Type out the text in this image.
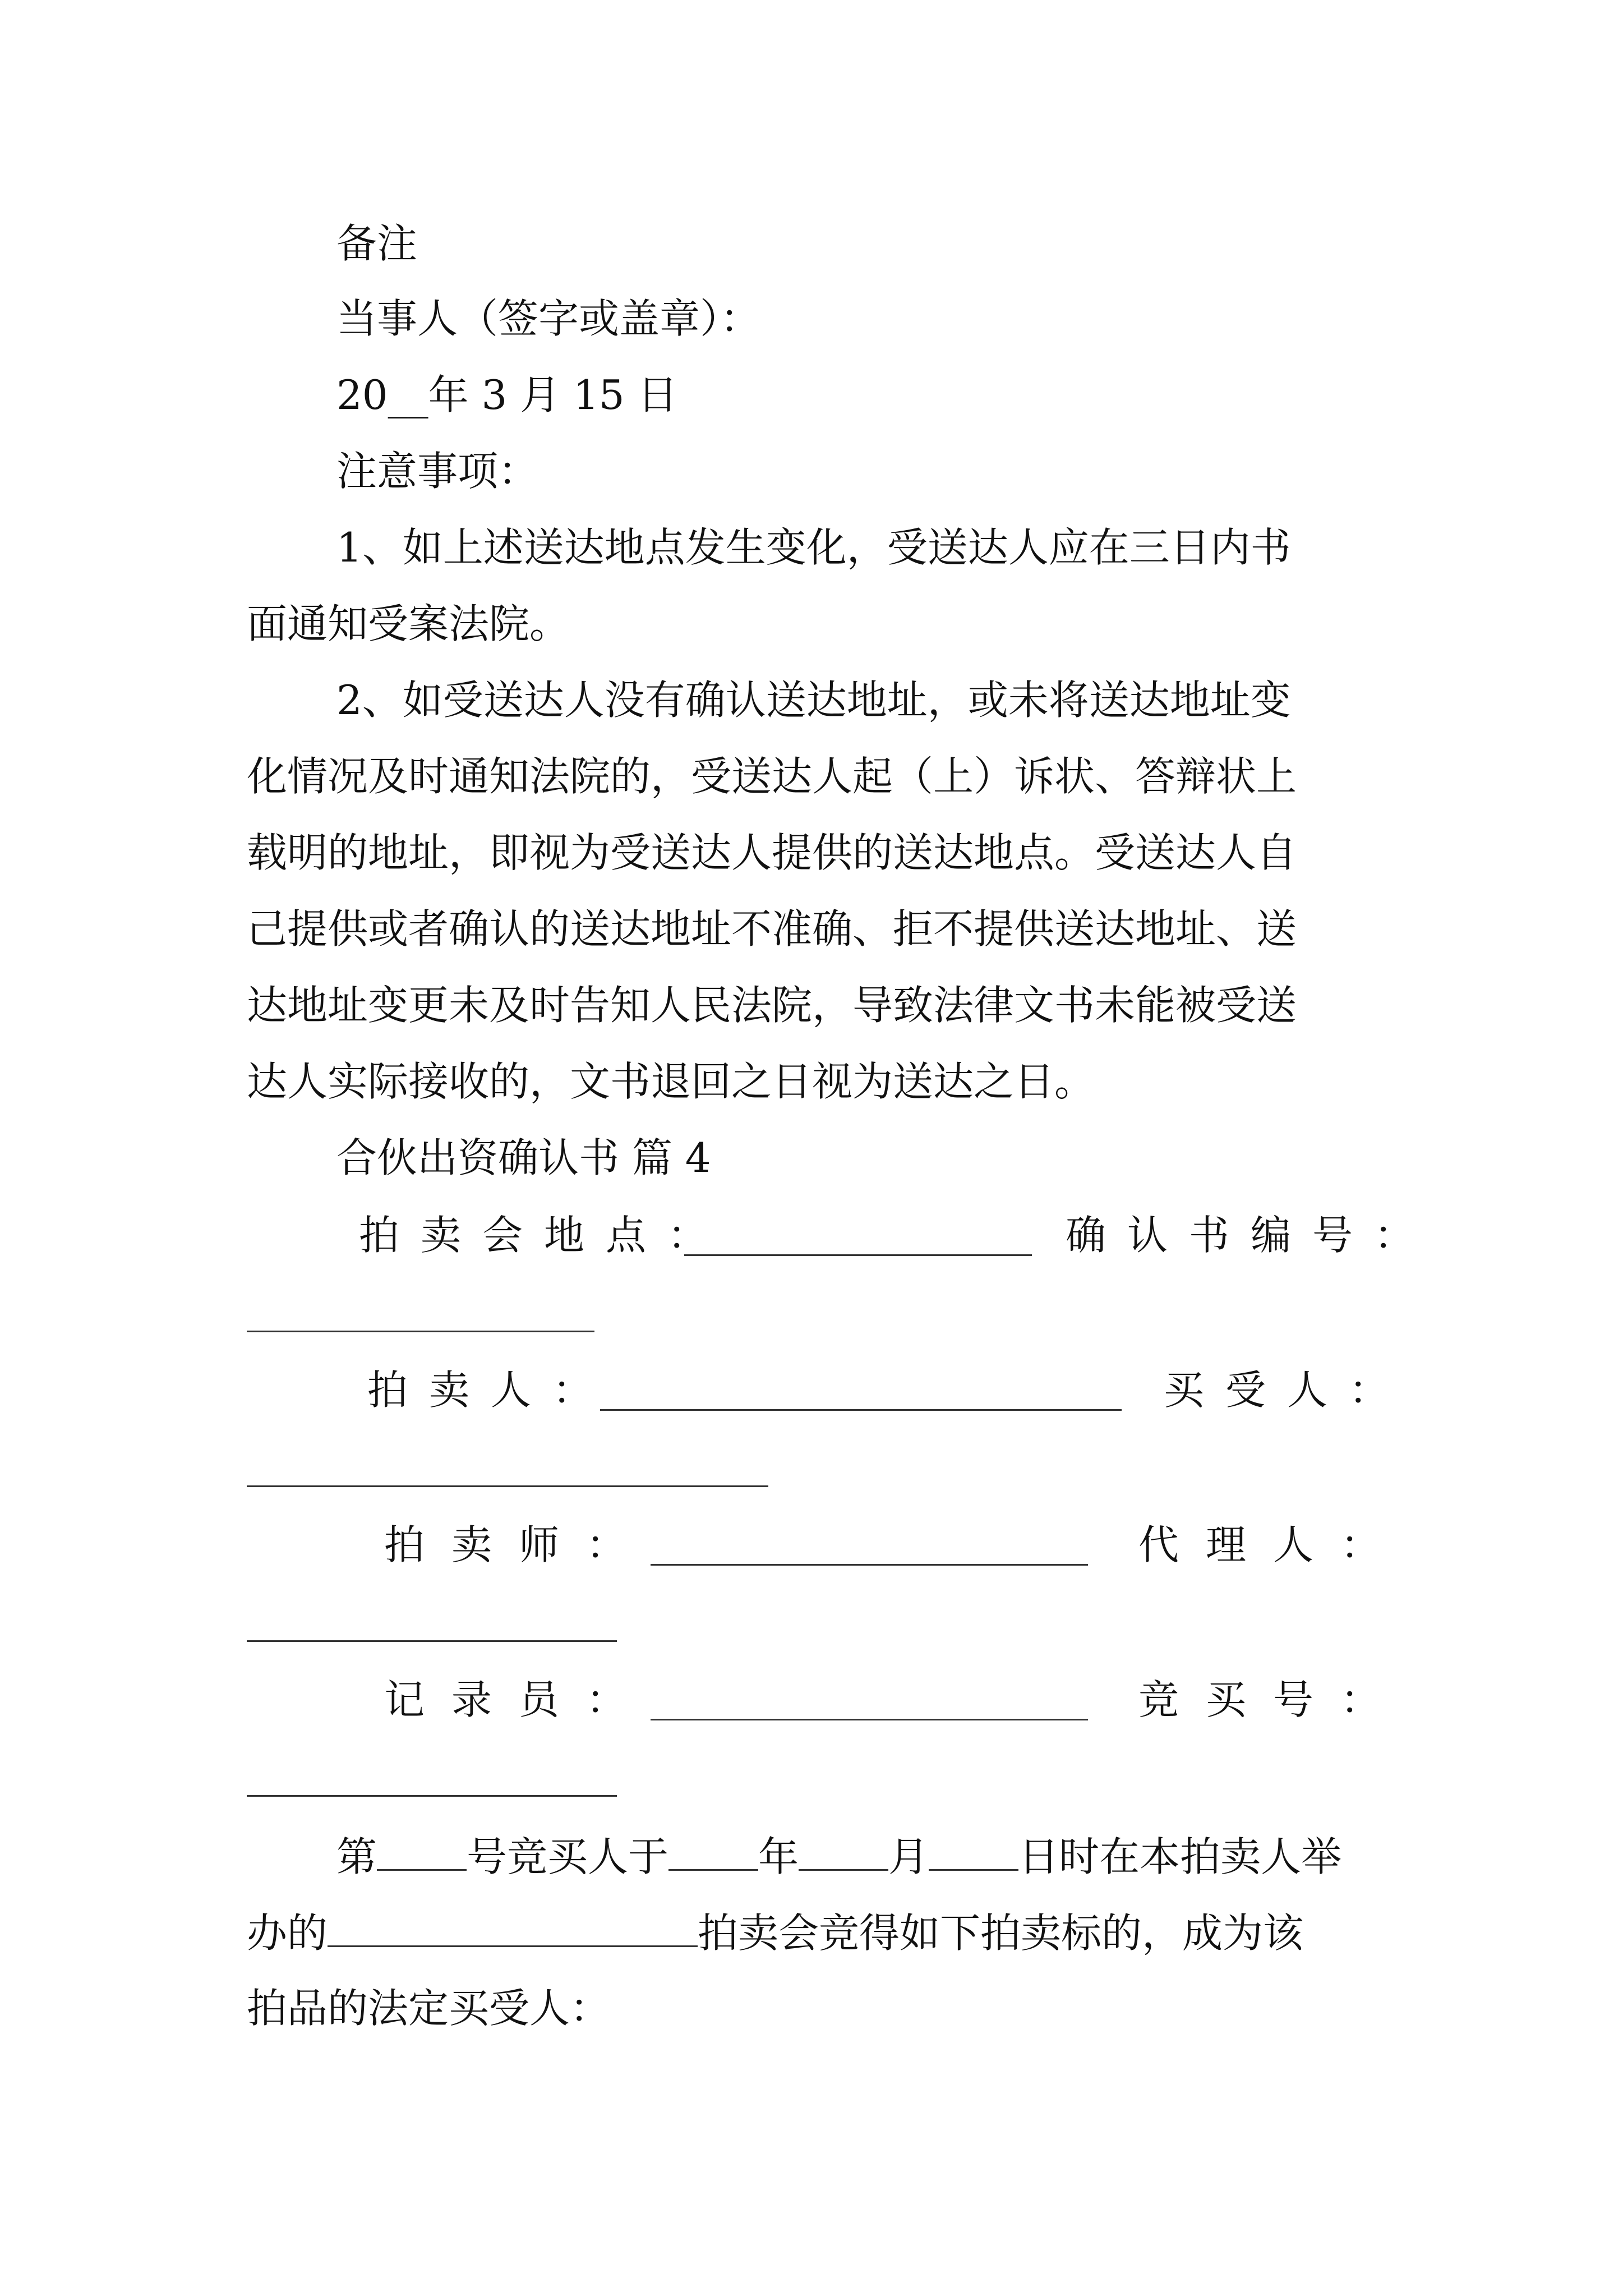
备注
当事人（签字或盖章）：
20__年 3 月 15 日
注意事项：
1、如上述送达地点发生变化，受送达人应在三日内书
面通知受案法院。
2、如受送达人没有确认送达地址，或未将送达地址变
化情况及时通知法院的，受送达人起（上）诉状、答辩状上
载明的地址，即视为受送达人提供的送达地点。受送达人自
己提供或者确认的送达地址不准确、拒不提供送达地址、送
达地址变更未及时告知人民法院，导致法律文书未能被受送
达人实际接收的，文书退回之日视为送达之日。
合伙出资确认书 篇 4
拍卖会地点：	确认书编号：
拍卖人：	买受人：
拍卖师：	代理人：
记录员：	竞买号：
第 号竞买人于 年 月 日时在本拍卖人举
办的	拍卖会竞得如下拍卖标的，成为该
拍品的法定买受人：
